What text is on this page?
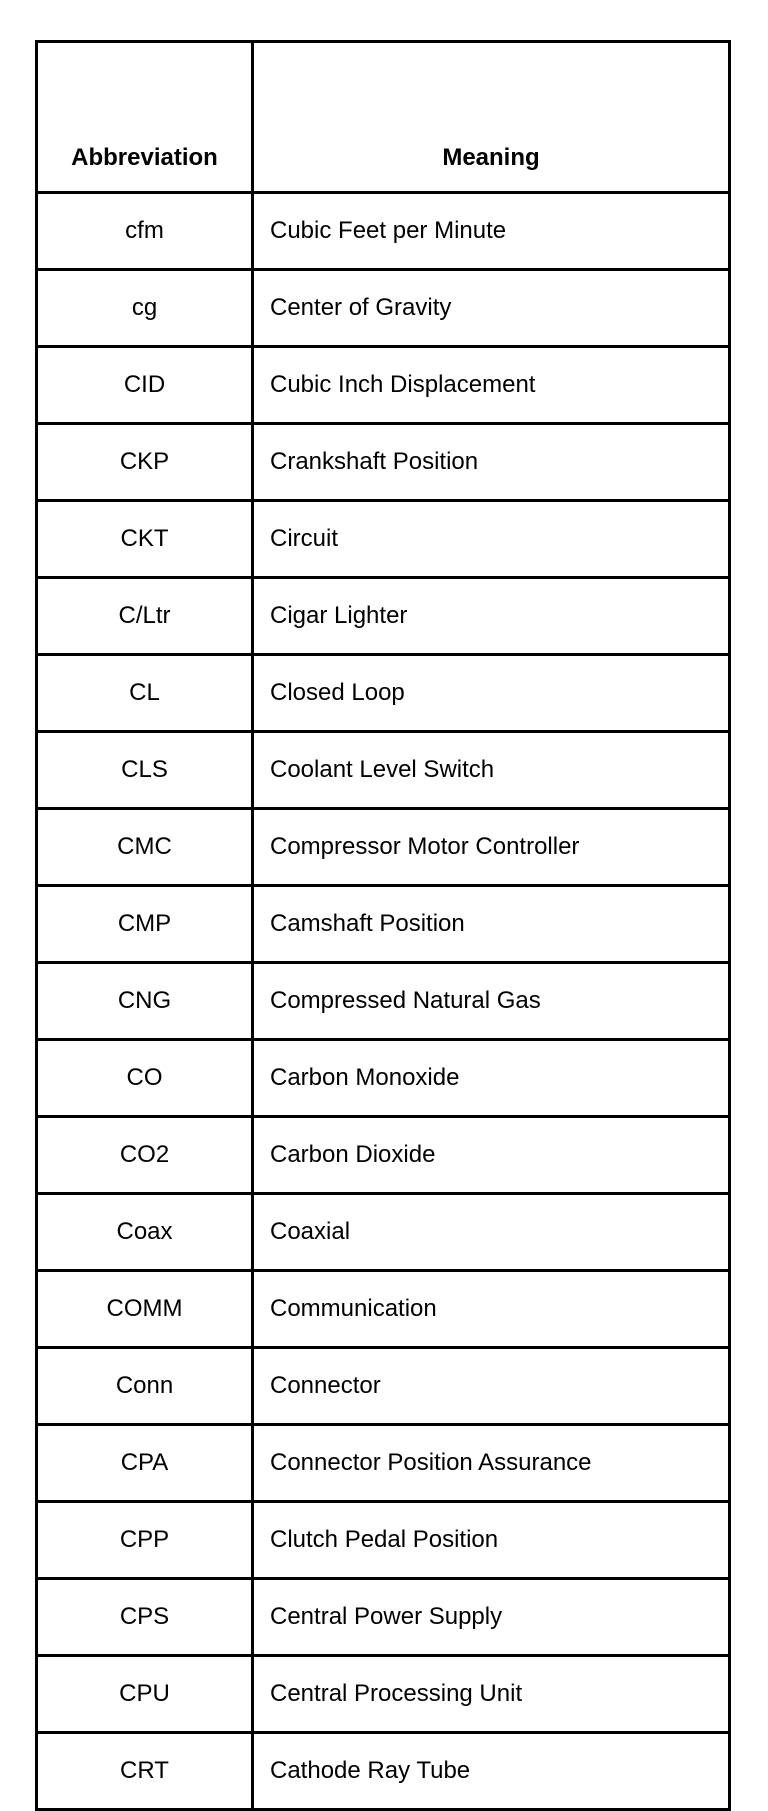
Abbreviation	Meaning
cfm	Cubic Feet per Minute
cg	Center of Gravity
CID	Cubic Inch Displacement
CKP	Crankshaft Position
CKT	Circuit
C/Ltr	Cigar Lighter
CL	Closed Loop
CLS	Coolant Level Switch
CMC	Compressor Motor Controller
CMP	Camshaft Position
CNG	Compressed Natural Gas
CO	Carbon Monoxide
CO2	Carbon Dioxide
Coax	Coaxial
COMM	Communication
Conn	Connector
CPA	Connector Position Assurance
CPP	Clutch Pedal Position
CPS	Central Power Supply
CPU	Central Processing Unit
CRT	Cathode Ray Tube
